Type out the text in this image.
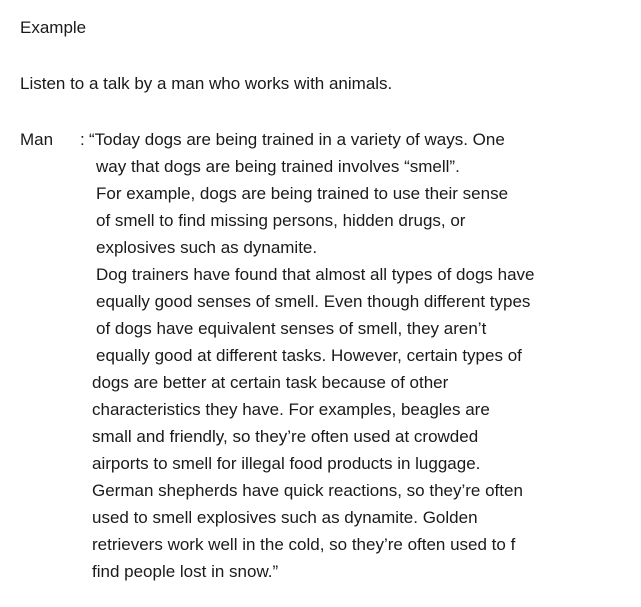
Example
Listen to a talk by a man who works with animals.
Man : “Today dogs are being trained in a variety of ways. One
way that dogs are being trained involves “smell”.
For example, dogs are being trained to use their sense
of smell to find missing persons, hidden drugs, or
explosives such as dynamite.
Dog trainers have found that almost all types of dogs have
equally good senses of smell. Even though different types
of dogs have equivalent senses of smell, they aren’t
equally good at different tasks. However, certain types of
dogs are better at certain task because of other
characteristics they have. For examples, beagles are
small and friendly, so they’re often used at crowded
airports to smell for illegal food products in luggage.
German shepherds have quick reactions, so they’re often
used to smell explosives such as dynamite. Golden
retrievers work well in the cold, so they’re often used to f
find people lost in snow.”
